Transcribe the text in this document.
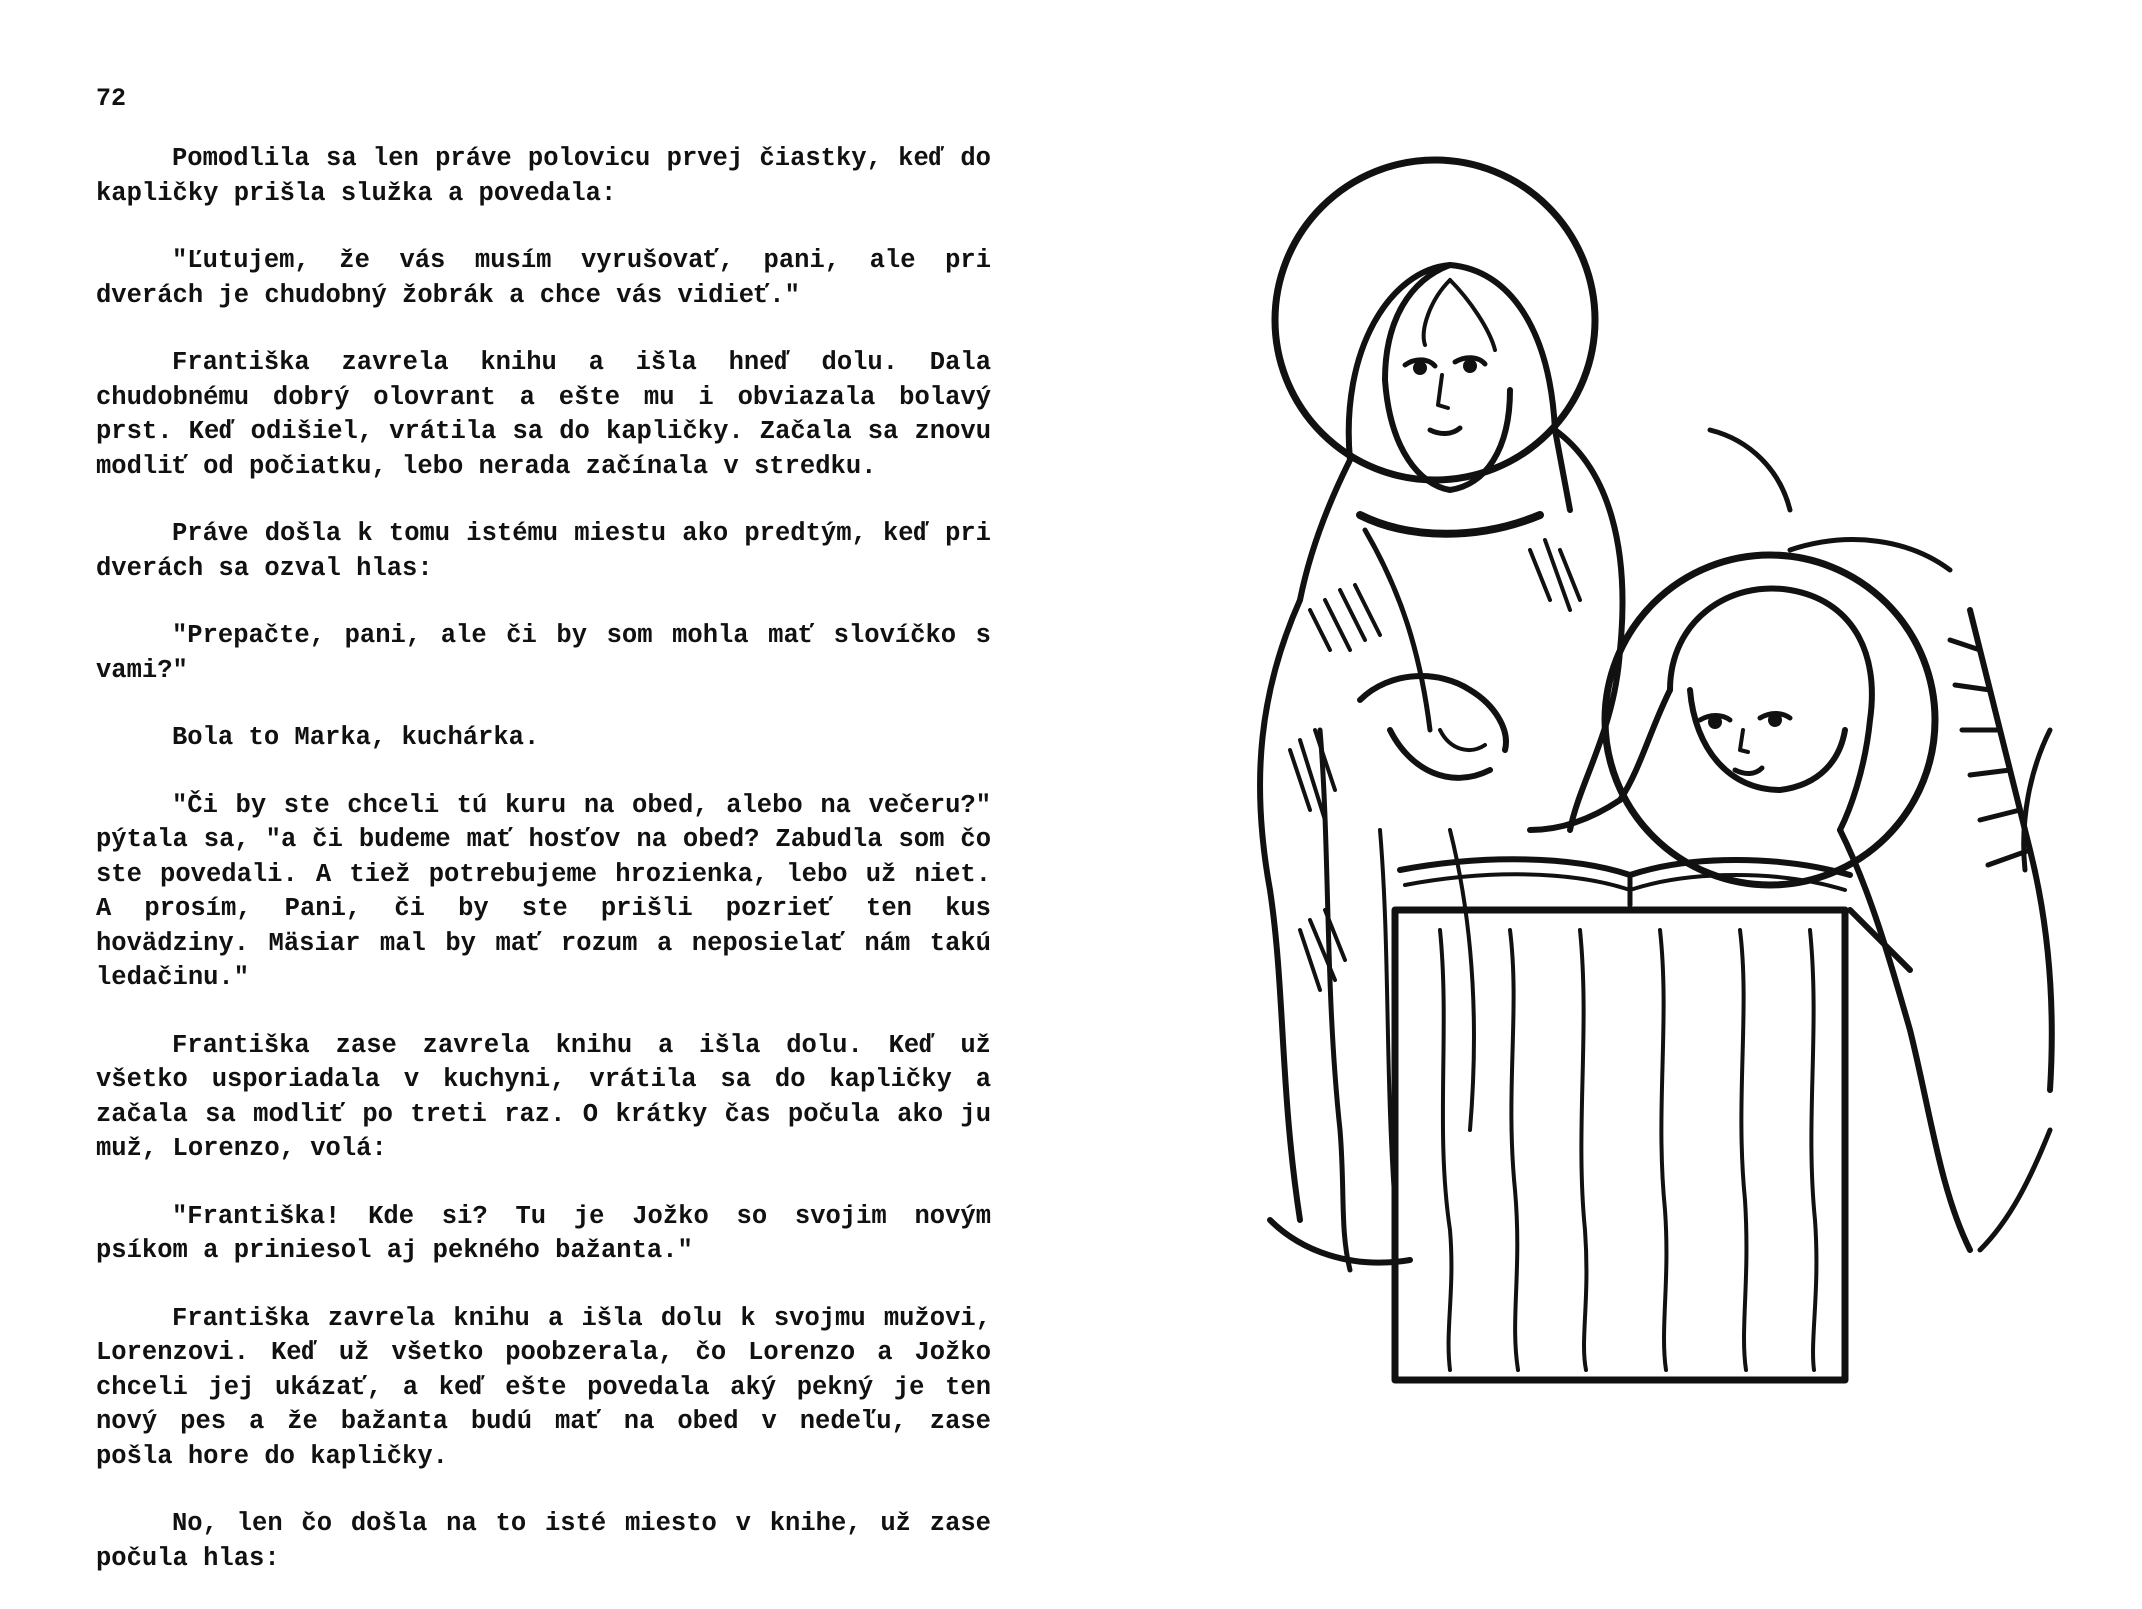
72

Pomodlila sa len práve polovicu prvej čiastky, keď do kapličky prišla služka a povedala:

"Ľutujem, že vás musím vyrušovať, pani, ale pri dverách je chudobný žobrák a chce vás vidieť."

Františka zavrela knihu a išla hneď dolu. Dala chudobnému dobrý olovrant a ešte mu i obviazala bolavý prst. Keď odišiel, vrátila sa do kapličky. Začala sa znovu modliť od počiatku, lebo nerada začínala v stredku.

Práve došla k tomu istému miestu ako predtým, keď pri dverách sa ozval hlas:

"Prepačte, pani, ale či by som mohla mať slovíčko s vami?"

Bola to Marka, kuchárka.

"Či by ste chceli tú kuru na obed, alebo na večeru?" pýtala sa, "a či budeme mať hosťov na obed? Zabudla som čo ste povedali. A tiež potrebujeme hrozienka, lebo už niet. A prosím, Pani, či by ste prišli pozrieť ten kus hovädziny. Mäsiar mal by mať rozum a neposielať nám takú ledačinu."

Františka zase zavrela knihu a išla dolu. Keď už všetko usporiadala v kuchyni, vrátila sa do kapličky a začala sa modliť po treti raz. O krátky čas počula ako ju muž, Lorenzo, volá:

"Františka! Kde si? Tu je Jožko so svojim novým psíkom a priniesol aj pekného bažanta."

Františka zavrela knihu a išla dolu k svojmu mužovi, Lorenzovi. Keď už všetko poobzerala, čo Lorenzo a Jožko chceli jej ukázať, a keď ešte povedala aký pekný je ten nový pes a že bažanta budú mať na obed v nedeľu, zase pošla hore do kapličky.

No, len čo došla na to isté miesto v knihe, už zase počula hlas:
